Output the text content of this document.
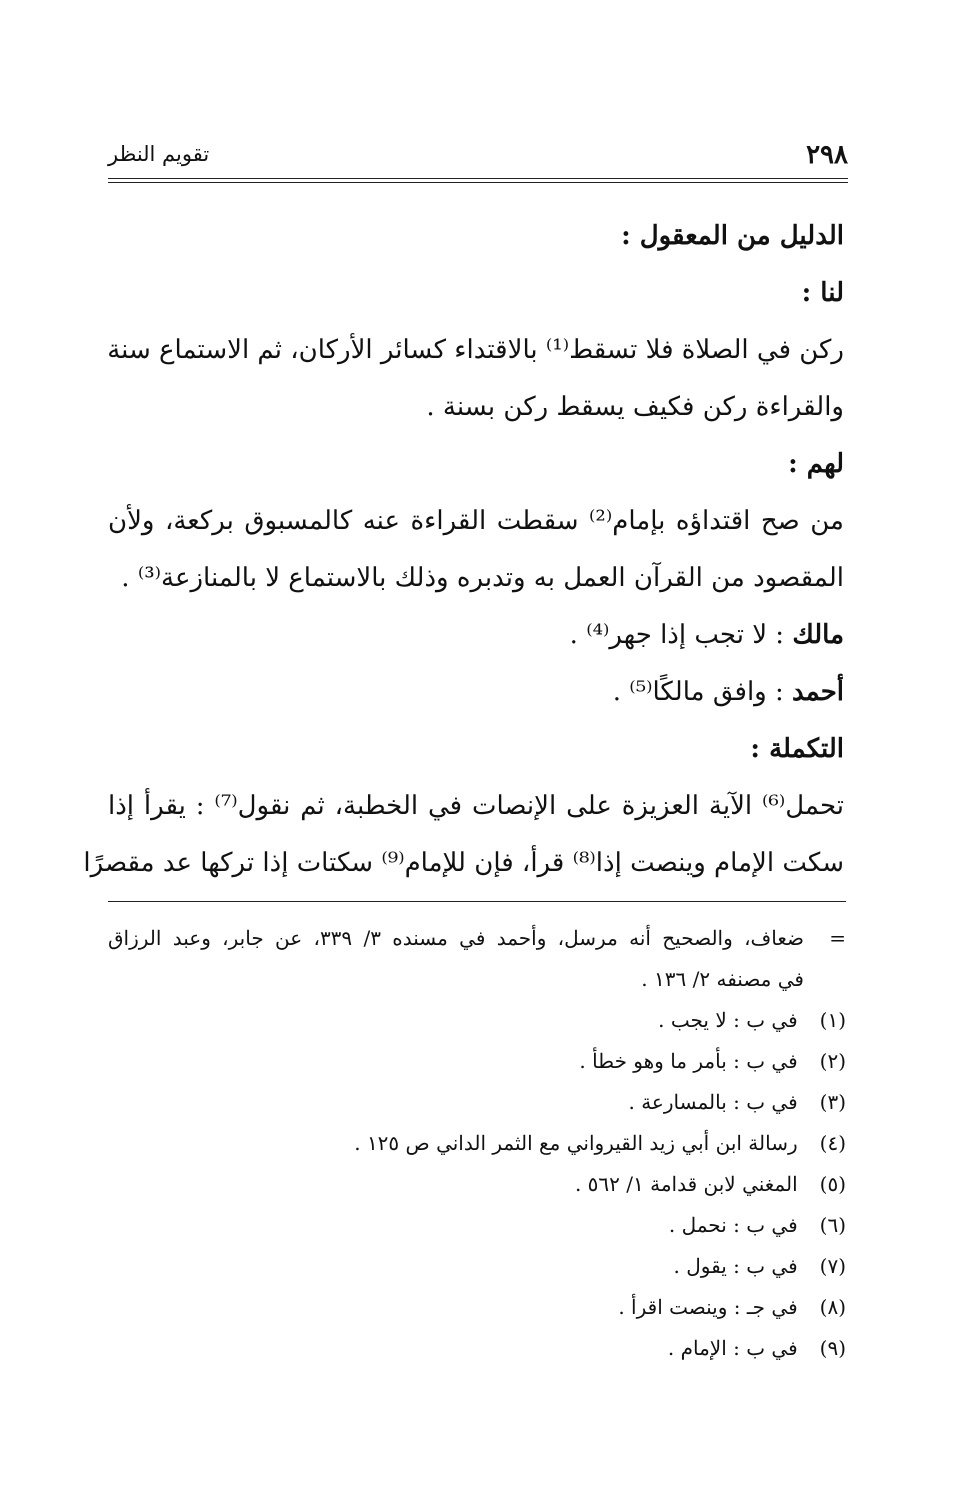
٢٩٨
تقويم النظر
الدليل من المعقول :
لنا :
ركن في الصلاة فلا تسقط⁽¹⁾ بالاقتداء كسائر الأركان، ثم الاستماع سنة
والقراءة ركن فكيف يسقط ركن بسنة .
لهم :
من صح اقتداؤه بإمام⁽²⁾ سقطت القراءة عنه كالمسبوق بركعة، ولأن
المقصود من القرآن العمل به وتدبره وذلك بالاستماع لا بالمنازعة⁽³⁾ .
مالك : لا تجب إذا جهر⁽⁴⁾ .
أحمد : وافق مالكًا⁽⁵⁾ .
التكملة :
تحمل⁽⁶⁾ الآية العزيزة على الإنصات في الخطبة، ثم نقول⁽⁷⁾ : يقرأ إذا
سكت الإمام وينصت إذا⁽⁸⁾ قرأ، فإن للإمام⁽⁹⁾ سكتات إذا تركها عد مقصرًا
=ضعاف، والصحيح أنه مرسل، وأحمد في مسنده ٣/ ٣٣٩، عن جابر، وعبد الرزاق
في مصنفه ٢/ ١٣٦ .
(١) في ب : لا يجب .
(٢) في ب : بأمر ما وهو خطأ .
(٣) في ب : بالمسارعة .
(٤) رسالة ابن أبي زيد القيرواني مع الثمر الداني ص ١٢٥ .
(٥) المغني لابن قدامة ١/ ٥٦٢ .
(٦) في ب : نحمل .
(٧) في ب : يقول .
(٨) في جـ : وينصت اقرأ .
(٩) في ب : الإمام .
